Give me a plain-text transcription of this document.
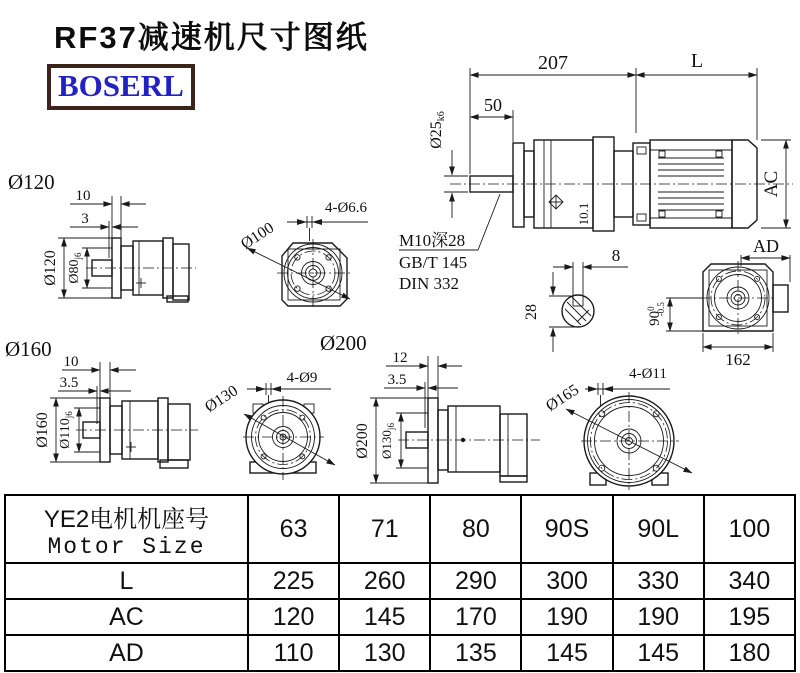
RF37减速机尺寸图纸
BOSERL
207	L
50
Ø25k6
AC
10.1
M10深28
GB/T 145
DIN 332
8
28
AD
$90^0-0.5$
162
Ø120
10
3
Ø120 $Ø80_{j6}$
4-Ø6.6
Ø100
Ø160
10
3.5
Ø160 $Ø110_{j6}$
Ø200
4-Ø9
Ø130
12
3.5
Ø200 $Ø130_{j6}$
4-Ø11
Ø165
YE2电机机座号
Motor Size	63	71	80	90S	90L	100
L	225	260	290	300	330	340
AC	120	145	170	190	190	195
AD	110	130	135	145	145	180
